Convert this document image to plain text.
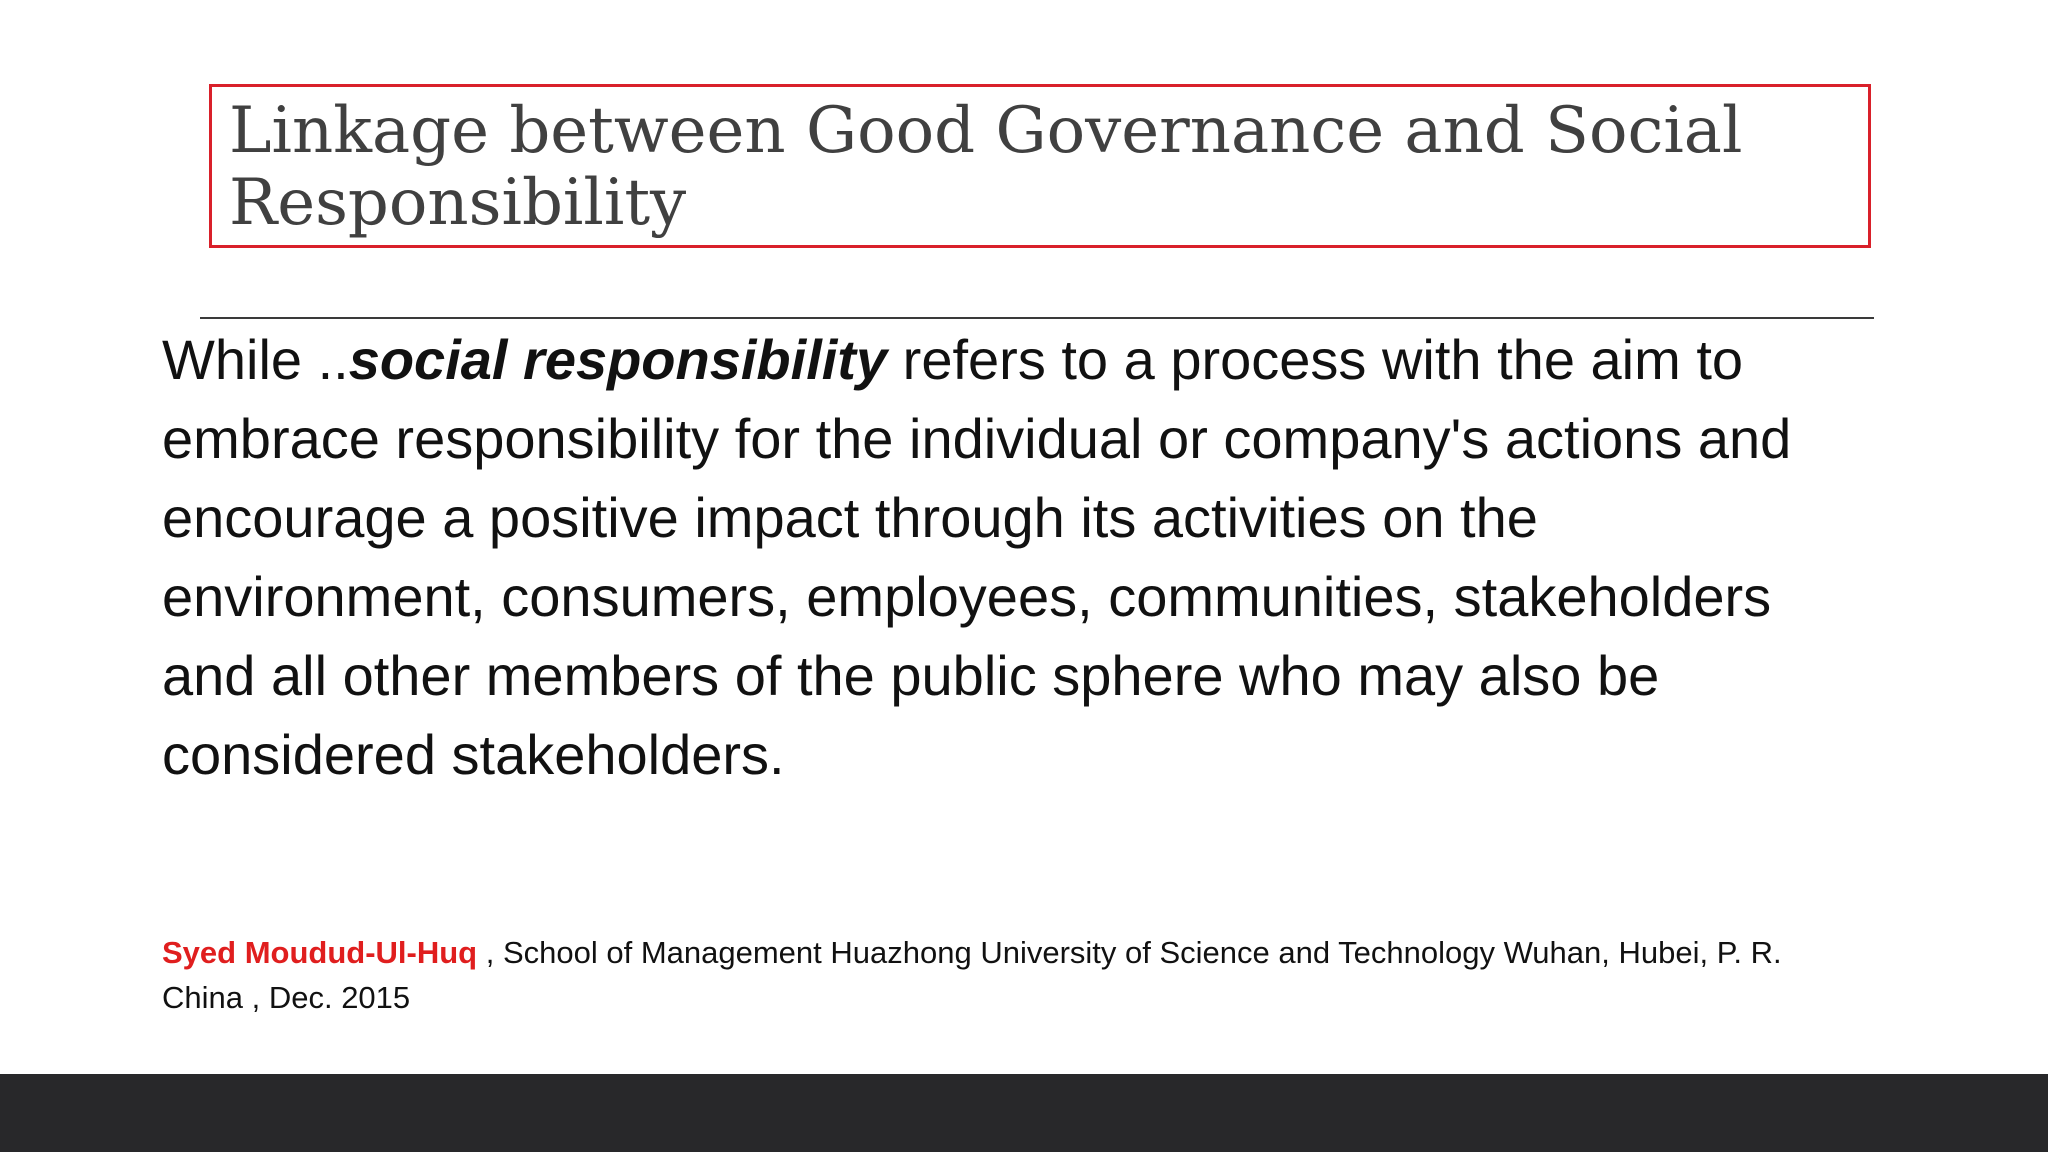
Linkage between Good Governance and Social Responsibility

While ..social responsibility refers to a process with the aim to embrace responsibility for the individual or company's actions and encourage a positive impact through its activities on the environment, consumers, employees, communities, stakeholders and all other members of the public sphere who may also be considered stakeholders.

Syed Moudud-Ul-Huq , School of Management Huazhong University of Science and Technology Wuhan, Hubei, P. R. China , Dec. 2015
